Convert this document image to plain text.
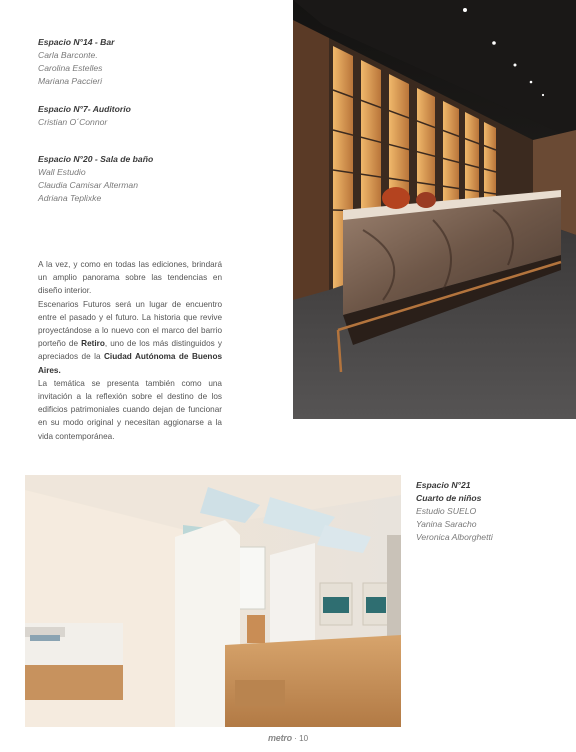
Espacio N°14 - Bar

Carla Barconte.

Carolina Estelles

Mariana Paccieri

Espacio N°7- Auditorio

Cristian O´Connor

Espacio N°20 - Sala de baño

Wall Estudio

Claudia Camisar Alterman

Adriana Teplixke

A la vez, y como en todas las ediciones, brindará un amplio panorama sobre las tendencias en diseño interior.

Escenarios Futuros será un lugar de encuentro entre el pasado y el futuro. La historia que revive proyectándose a lo nuevo con el marco del barrio porteño de Retiro, uno de los más distinguidos y apreciados de la Ciudad Autónoma de Buenos Aires.

La temática se presenta también como una invitación a la reflexión sobre el destino de los edificios patrimoniales cuando dejan de funcionar en su modo original y necesitan aggionarse a la vida contemporánea.

Espacio N°21

Cuarto de niños

Estudio SUELO

Yanina Saracho

Veronica Alborghetti

metro · 10
